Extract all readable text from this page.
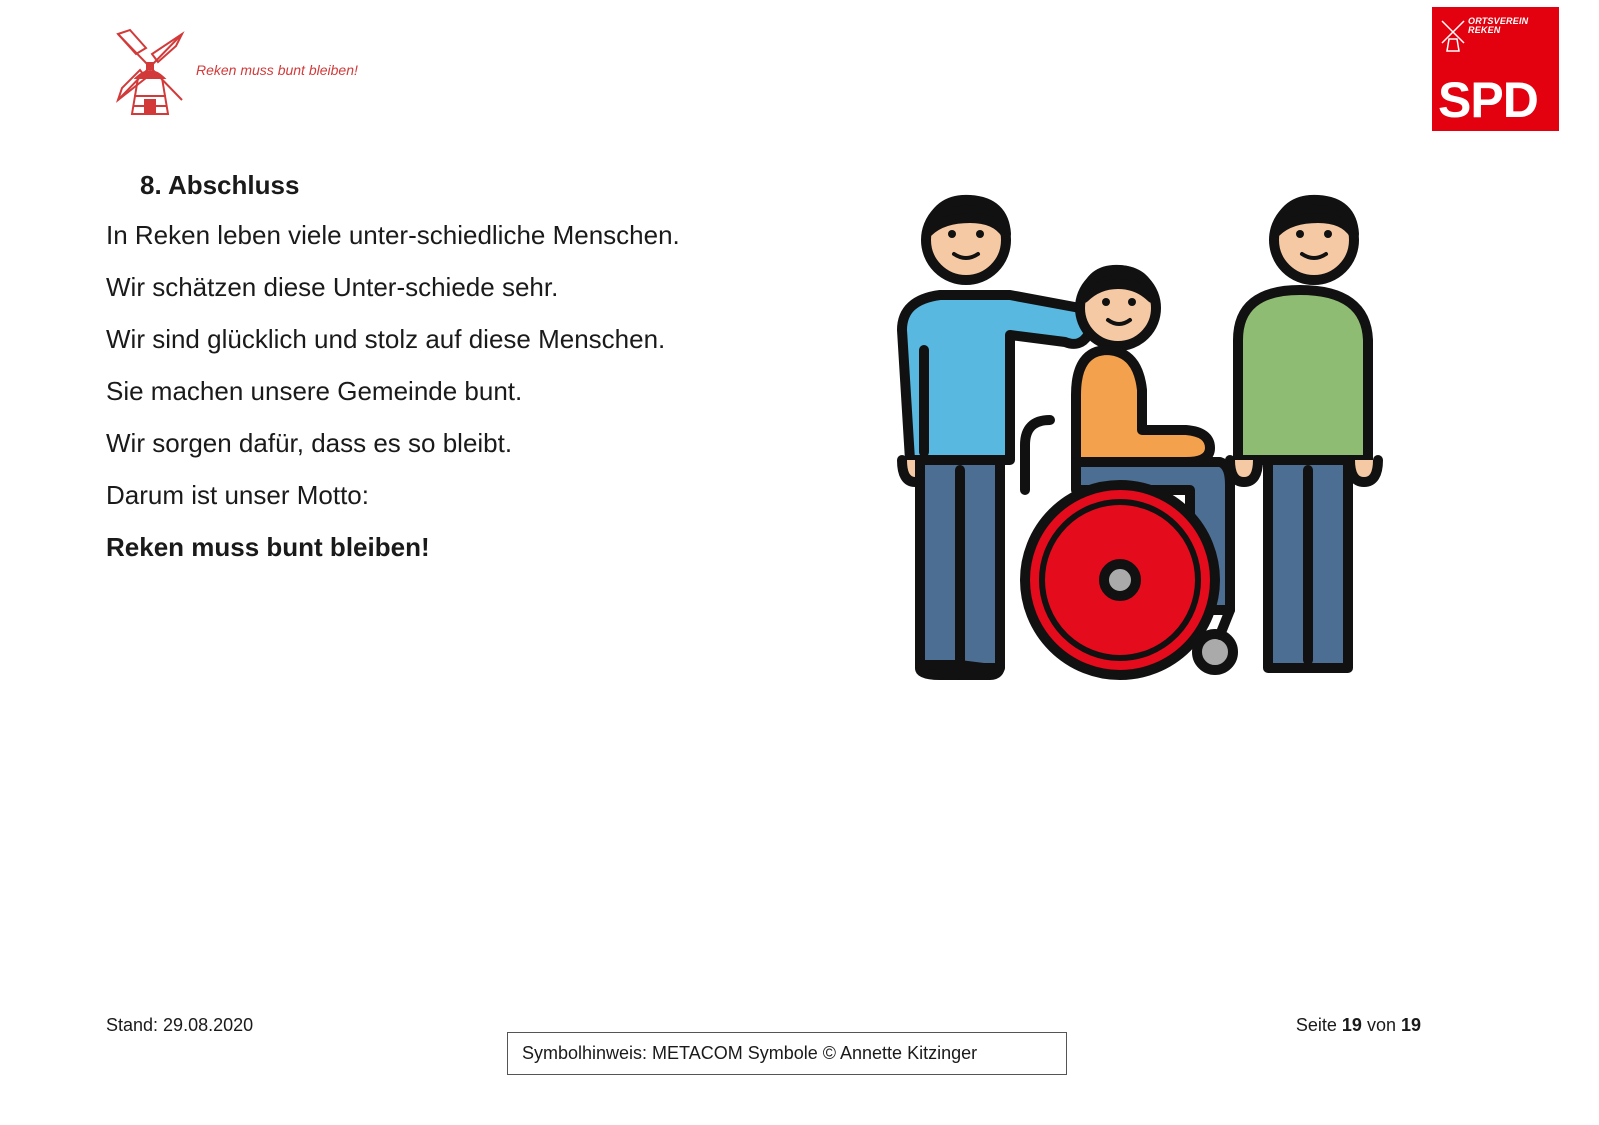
Reken muss bunt bleiben!
ORTSVEREIN
REKEN
SPD
8. Abschluss
In Reken leben viele unter-schiedliche Menschen.
Wir schätzen diese Unter-schiede sehr.
Wir sind glücklich und stolz auf diese Menschen.
Sie machen unsere Gemeinde bunt.
Wir sorgen dafür, dass es so bleibt.
Darum ist unser Motto:
Reken muss bunt bleiben!
Stand: 29.08.2020	Seite 19 von 19
Symbolhinweis: METACOM Symbole © Annette Kitzinger
